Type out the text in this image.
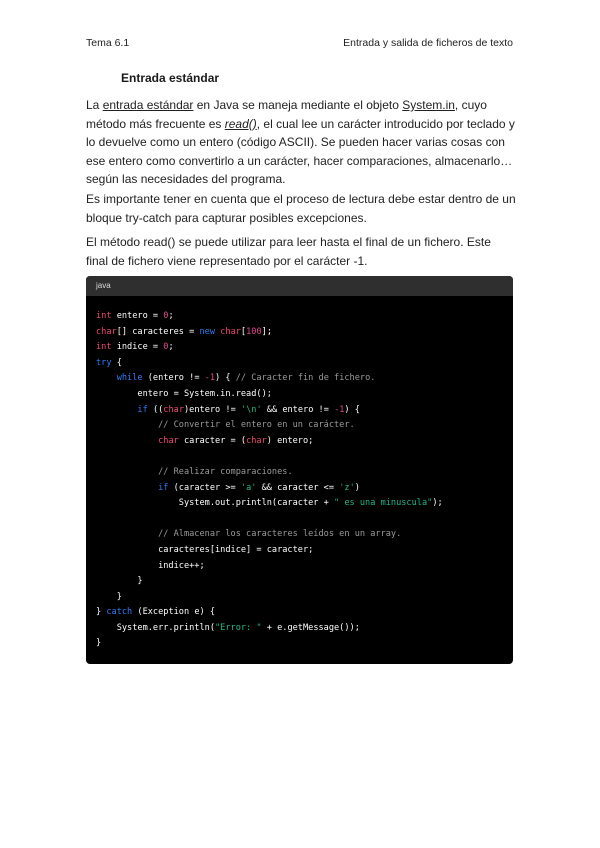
Tema 6.1	Entrada y salida de ficheros de texto
Entrada estándar
La entrada estándar en Java se maneja mediante el objeto System.in, cuyo método más frecuente es read(), el cual lee un carácter introducido por teclado y lo devuelve como un entero (código ASCII). Se pueden hacer varias cosas con ese entero como convertirlo a un carácter, hacer comparaciones, almacenarlo… según las necesidades del programa.
Es importante tener en cuenta que el proceso de lectura debe estar dentro de un bloque try-catch para capturar posibles excepciones.
El método read() se puede utilizar para leer hasta el final de un fichero. Este final de fichero viene representado por el carácter -1.
java
int entero = 0;
char[] caracteres = new char[100];
int indice = 0;
try {
while (entero != -1) { // Caracter fin de fichero.
entero = System.in.read();
if ((char)entero != '\n' && entero != -1) {
// Convertir el entero en un carácter.
char caracter = (char) entero;

// Realizar comparaciones.
if (caracter >= 'a' && caracter <= 'z')
System.out.println(caracter + " es una minuscula");

// Almacenar los caracteres leídos en un array.
caracteres[indice] = caracter;
indice++;
}
}
} catch (Exception e) {
System.err.println("Error: " + e.getMessage());
}
